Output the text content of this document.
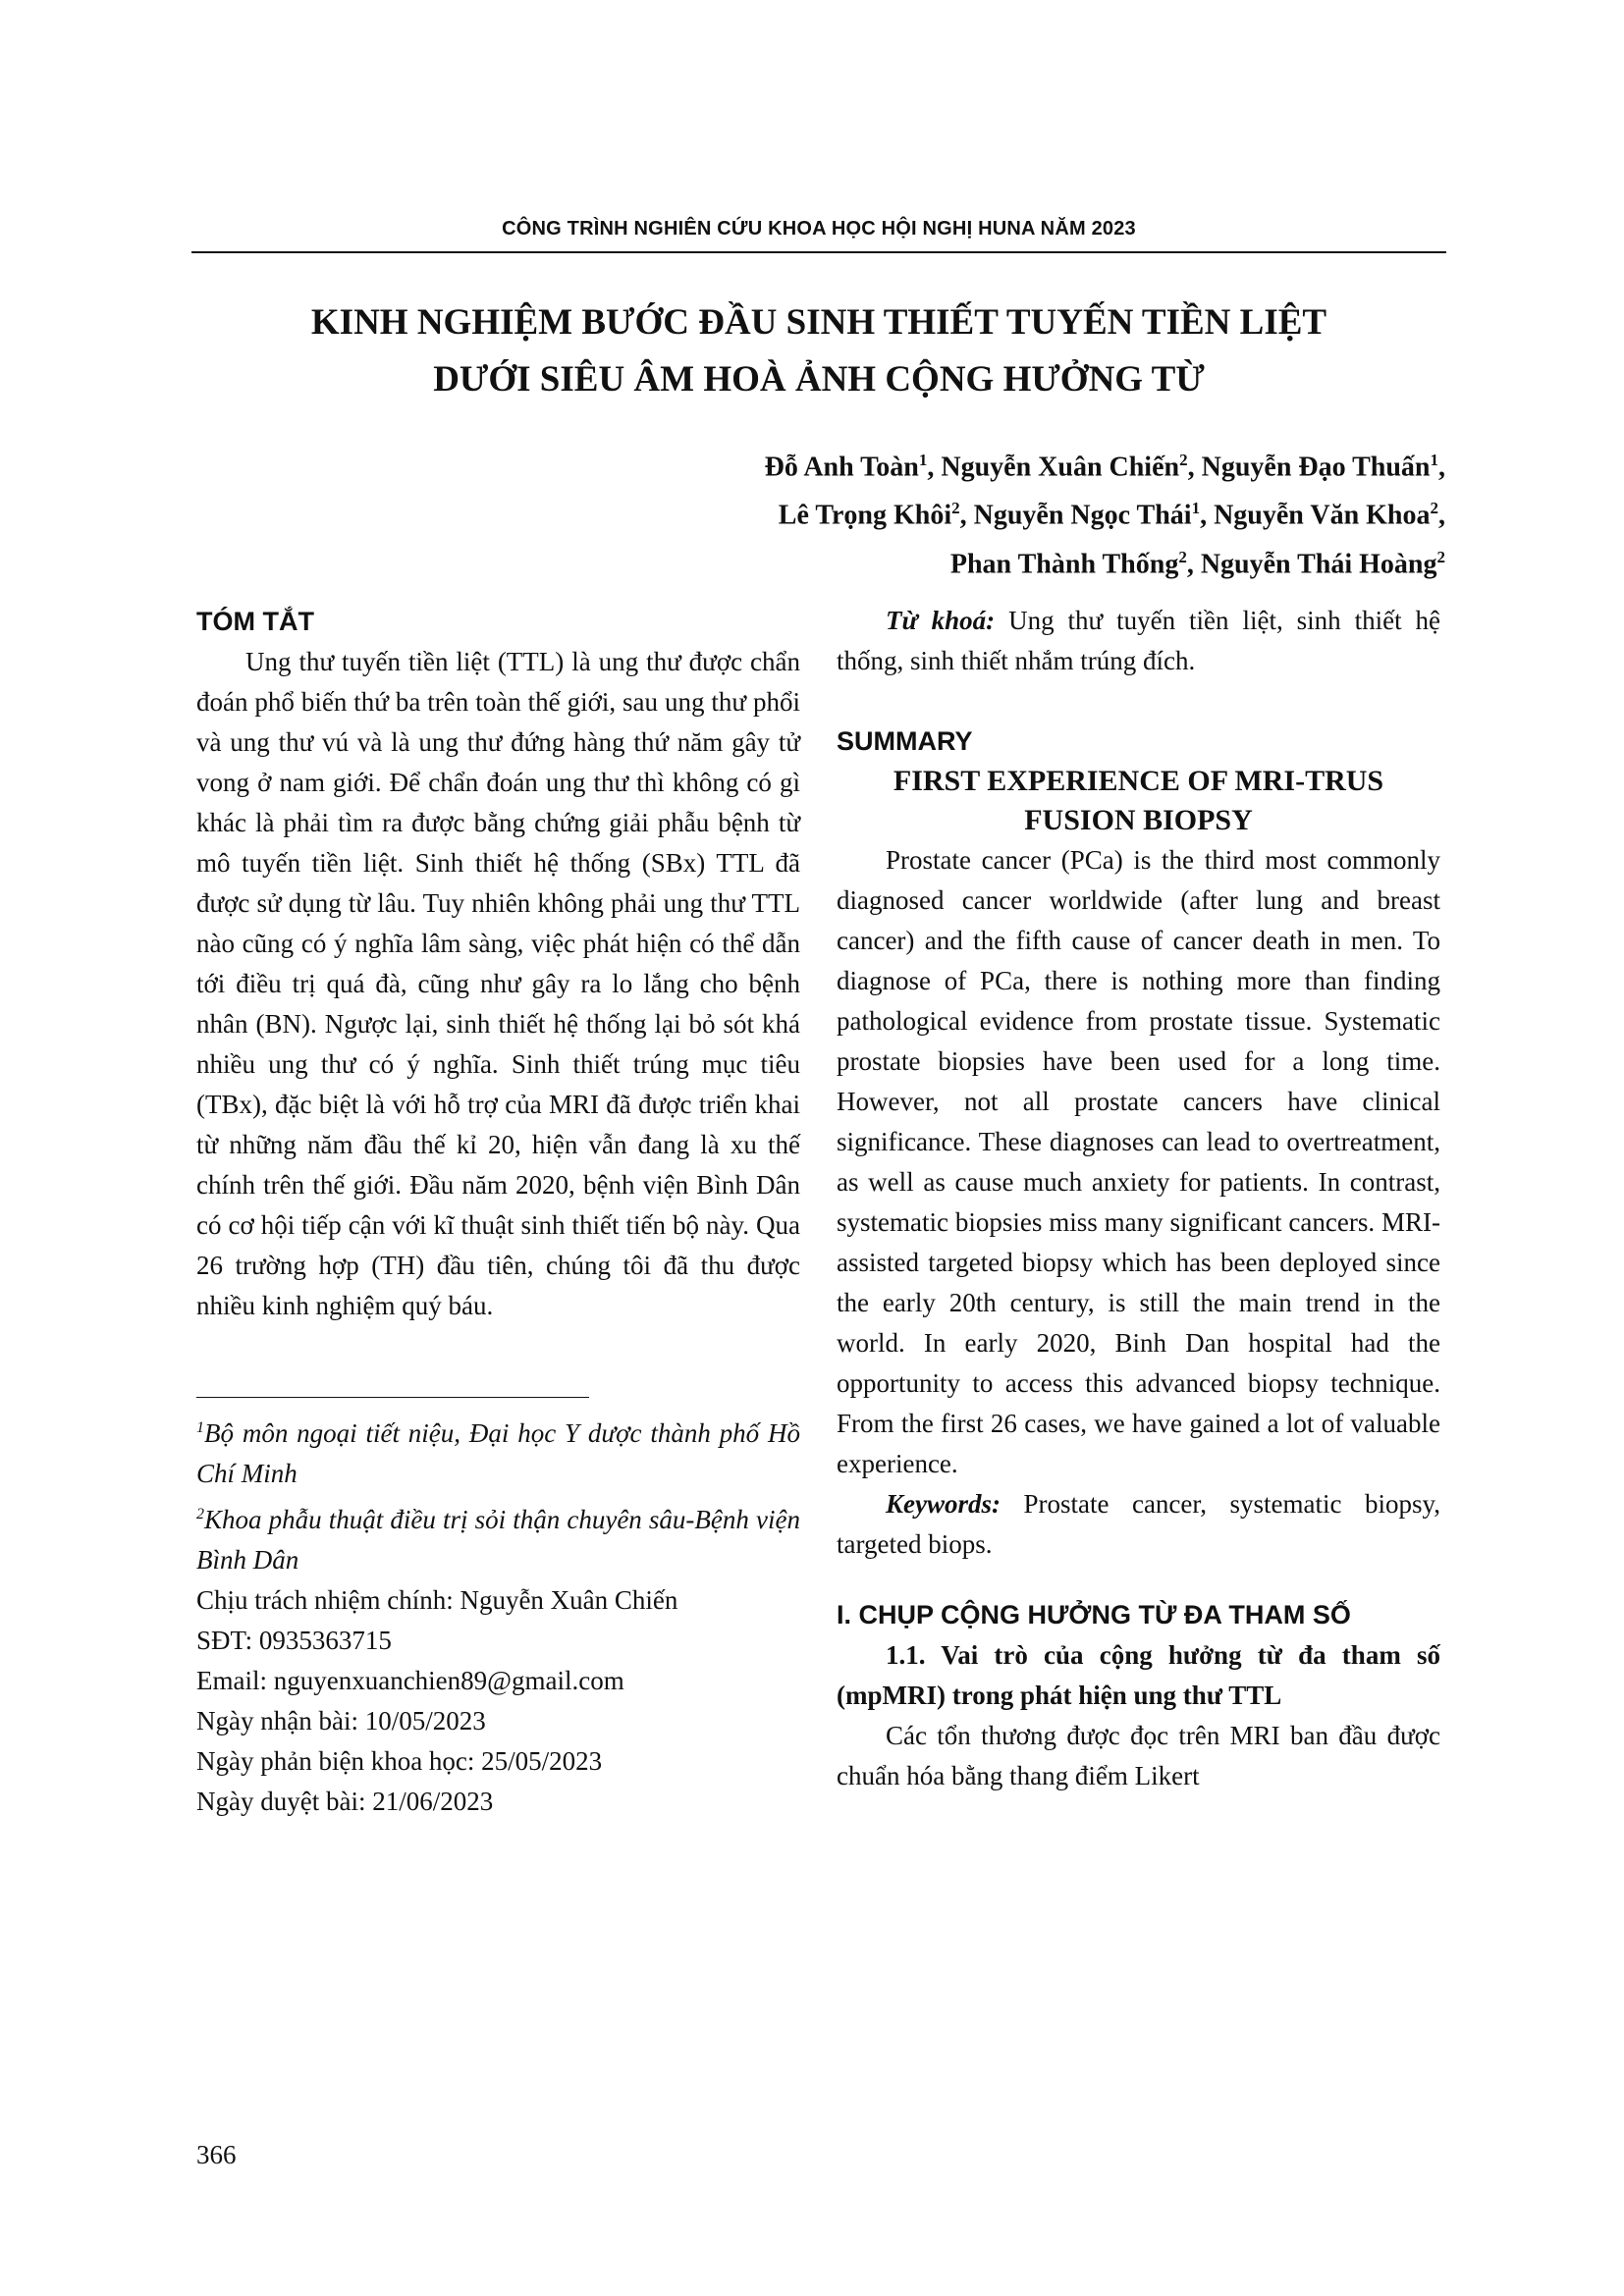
CÔNG TRÌNH NGHIÊN CỨU KHOA HỌC HỘI NGHỊ HUNA NĂM 2023
KINH NGHIỆM BƯỚC ĐẦU SINH THIẾT TUYẾN TIỀN LIỆT
DƯỚI SIÊU ÂM HOÀ ẢNH CỘNG HƯỞNG TỪ
Đỗ Anh Toàn$^1$, Nguyễn Xuân Chiến$^2$, Nguyễn Đạo Thuấn$^1$,
Lê Trọng Khôi$^2$, Nguyễn Ngọc Thái$^1$, Nguyễn Văn Khoa$^2$,
Phan Thành Thống$^2$, Nguyễn Thái Hoàng$^2$
TÓM TẮT

Ung thư tuyến tiền liệt (TTL) là ung thư được chẩn đoán phổ biến thứ ba trên toàn thế giới, sau ung thư phổi và ung thư vú và là ung thư đứng hàng thứ năm gây tử vong ở nam giới. Để chẩn đoán ung thư thì không có gì khác là phải tìm ra được bằng chứng giải phẫu bệnh từ mô tuyến tiền liệt. Sinh thiết hệ thống (SBx) TTL đã được sử dụng từ lâu. Tuy nhiên không phải ung thư TTL nào cũng có ý nghĩa lâm sàng, việc phát hiện có thể dẫn tới điều trị quá đà, cũng như gây ra lo lắng cho bệnh nhân (BN). Ngược lại, sinh thiết hệ thống lại bỏ sót khá nhiều ung thư có ý nghĩa. Sinh thiết trúng mục tiêu (TBx), đặc biệt là với hỗ trợ của MRI đã được triển khai từ những năm đầu thế kỉ 20, hiện vẫn đang là xu thế chính trên thế giới. Đầu năm 2020, bệnh viện Bình Dân có cơ hội tiếp cận với kĩ thuật sinh thiết tiến bộ này. Qua 26 trường hợp (TH) đầu tiên, chúng tôi đã thu được nhiều kinh nghiệm quý báu.

$^1$Bộ môn ngoại tiết niệu, Đại học Y dược thành phố Hồ Chí Minh

$^2$Khoa phẫu thuật điều trị sỏi thận chuyên sâu-Bệnh viện Bình Dân

Chịu trách nhiệm chính: Nguyễn Xuân Chiến

SĐT: 0935363715

Email: nguyenxuanchien89@gmail.com

Ngày nhận bài: 10/05/2023

Ngày phản biện khoa học: 25/05/2023

Ngày duyệt bài: 21/06/2023

Từ khoá: Ung thư tuyến tiền liệt, sinh thiết hệ thống, sinh thiết nhắm trúng đích.

SUMMARY
FIRST EXPERIENCE OF MRI-TRUS
FUSION BIOPSY

Prostate cancer (PCa) is the third most commonly diagnosed cancer worldwide (after lung and breast cancer) and the fifth cause of cancer death in men. To diagnose of PCa, there is nothing more than finding pathological evidence from prostate tissue. Systematic prostate biopsies have been used for a long time. However, not all prostate cancers have clinical significance. These diagnoses can lead to overtreatment, as well as cause much anxiety for patients. In contrast, systematic biopsies miss many significant cancers. MRI-assisted targeted biopsy which has been deployed since the early 20th century, is still the main trend in the world. In early 2020, Binh Dan hospital had the opportunity to access this advanced biopsy technique. From the first 26 cases, we have gained a lot of valuable experience.

Keywords: Prostate cancer, systematic biopsy, targeted biops.

I. CHỤP CỘNG HƯỞNG TỪ ĐA THAM SỐ

1.1. Vai trò của cộng hưởng từ đa tham số (mpMRI) trong phát hiện ung thư TTL

Các tổn thương được đọc trên MRI ban đầu được chuẩn hóa bằng thang điểm Likert

366
